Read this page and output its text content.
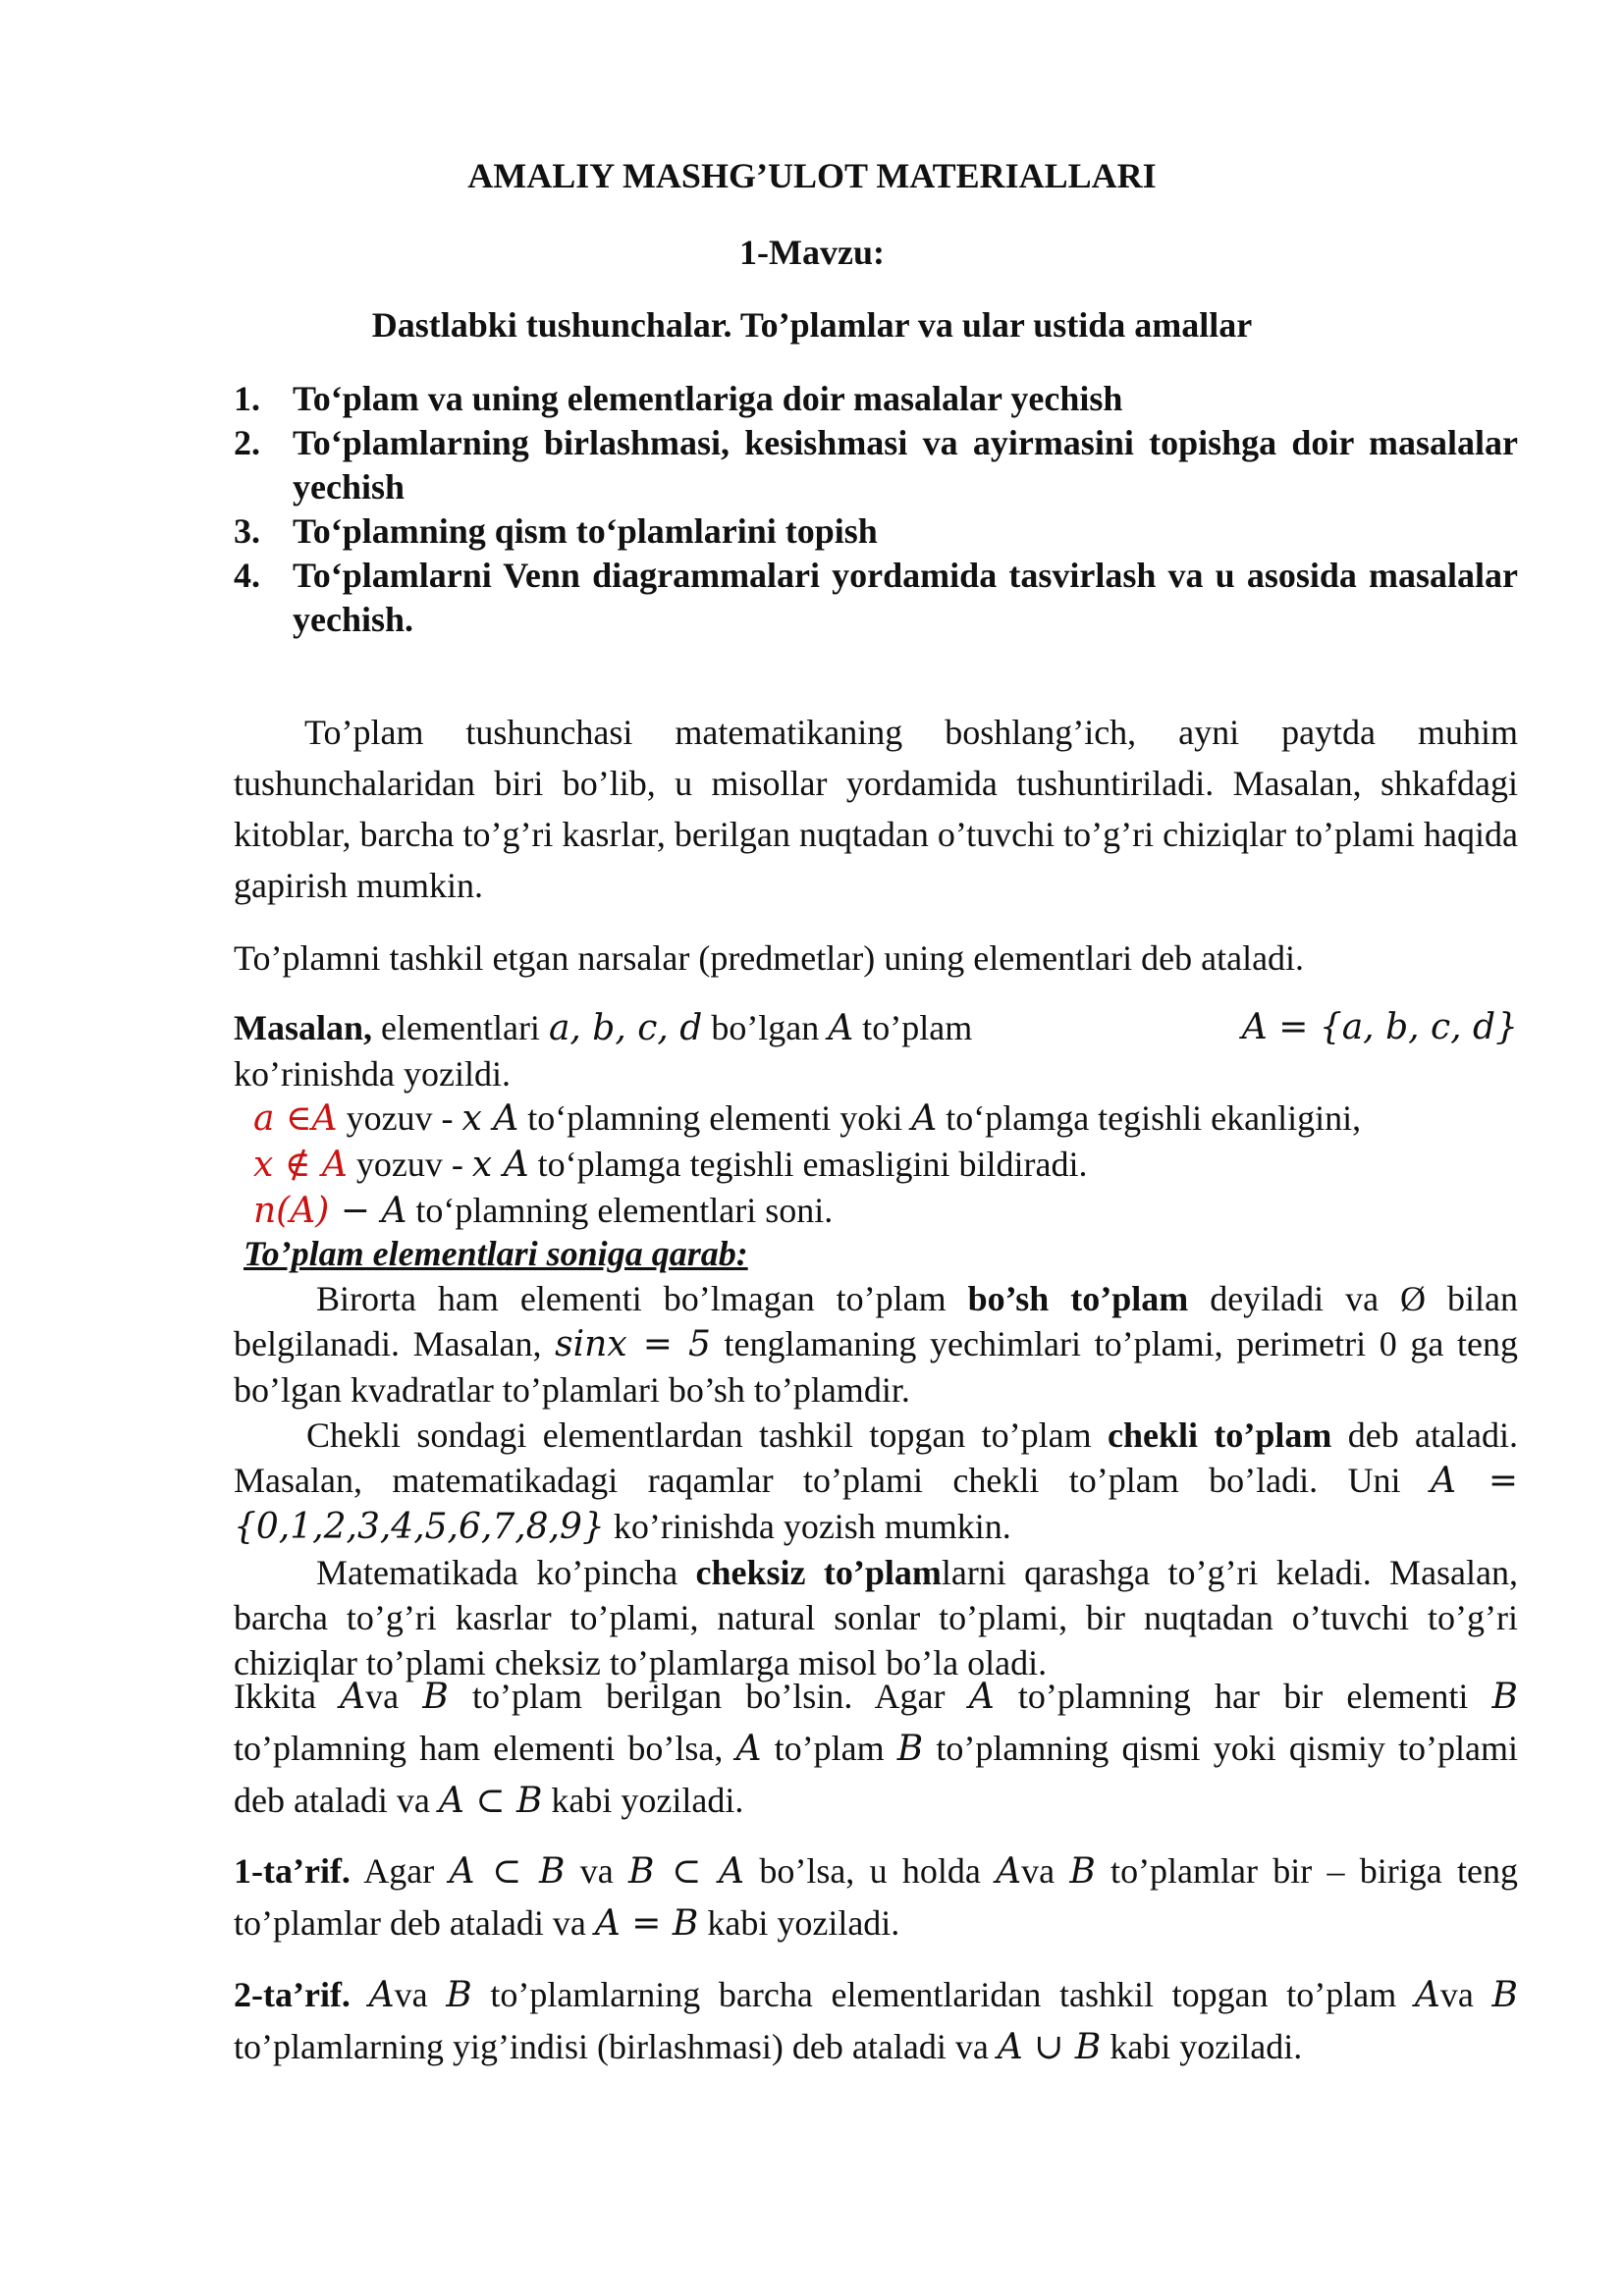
AMALIY MASHG’ULOT MATERIALLARI
1-Mavzu:
Dastlabki tushunchalar. To’plamlar va ular ustida amallar
1. To‘plam va uning elementlariga doir masalalar yechish
2. To‘plamlarning birlashmasi, kesishmasi va ayirmasini topishga doir masalalar yechish
3. To‘plamning qism to‘plamlarini topish
4. To‘plamlarni Venn diagrammalari yordamida tasvirlash va u asosida masalalar yechish.
To’plam tushunchasi matematikaning boshlang’ich, ayni paytda muhim tushunchalaridan biri bo’lib, u misollar yordamida tushuntiriladi. Masalan, shkafdagi kitoblar, barcha to’g’ri kasrlar, berilgan nuqtadan o’tuvchi to’g’ri chiziqlar to’plami haqida gapirish mumkin.
To’plamni tashkil etgan narsalar (predmetlar) uning elementlari deb ataladi.
Masalan, elementlari a, b, c, d bo’lgan A to’plam	A = {a, b, c, d}
ko’rinishda yozildi.
a ∈A yozuv - x A to‘plamning elementi yoki A to‘plamga tegishli ekanligini,
x ∉ A yozuv - x A to‘plamga tegishli emasligini bildiradi.
n(A) − A to‘plamning elementlari soni.
To’plam elementlari soniga qarab:
Birorta ham elementi bo’lmagan to’plam bo’sh to’plam deyiladi va Ø bilan belgilanadi. Masalan, sinx = 5 tenglamaning yechimlari to’plami, perimetri 0 ga teng bo’lgan kvadratlar to’plamlari bo’sh to’plamdir.
Chekli sondagi elementlardan tashkil topgan to’plam chekli to’plam deb ataladi. Masalan, matematikadagi raqamlar to’plami chekli to’plam bo’ladi. Uni A = {0,1,2,3,4,5,6,7,8,9} ko’rinishda yozish mumkin.
Matematikada ko’pincha cheksiz to’plamlarni qarashga to’g’ri keladi. Masalan, barcha to’g’ri kasrlar to’plami, natural sonlar to’plami, bir nuqtadan o’tuvchi to’g’ri chiziqlar to’plami cheksiz to’plamlarga misol bo’la oladi.
Ikkita Ava B to’plam berilgan bo’lsin. Agar A to’plamning har bir elementi B to’plamning ham elementi bo’lsa, A to’plam B to’plamning qismi yoki qismiy to’plami deb ataladi va A ⊂ B kabi yoziladi.
1-ta’rif. Agar A ⊂ B va B ⊂ A bo’lsa, u holda Ava B to’plamlar bir – biriga teng to’plamlar deb ataladi va A = B kabi yoziladi.
2-ta’rif. Ava B to’plamlarning barcha elementlaridan tashkil topgan to’plam Ava B to’plamlarning yig’indisi (birlashmasi) deb ataladi va A ∪ B kabi yoziladi.
